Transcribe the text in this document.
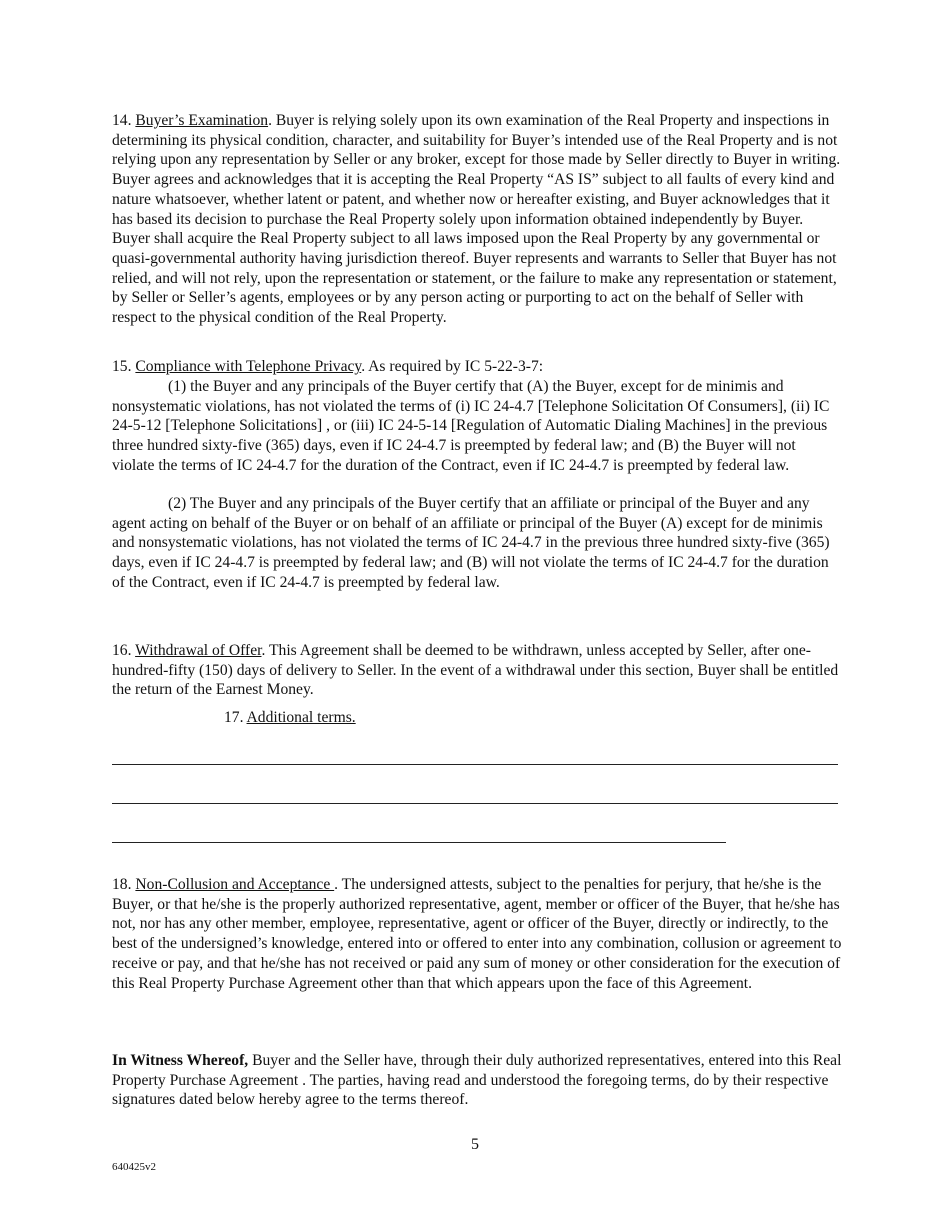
14. Buyer’s Examination. Buyer is relying solely upon its own examination of the Real Property and inspections in determining its physical condition, character, and suitability for Buyer’s intended use of the Real Property and is not relying upon any representation by Seller or any broker, except for those made by Seller directly to Buyer in writing. Buyer agrees and acknowledges that it is accepting the Real Property “AS IS” subject to all faults of every kind and nature whatsoever, whether latent or patent, and whether now or hereafter existing, and Buyer acknowledges that it has based its decision to purchase the Real Property solely upon information obtained independently by Buyer. Buyer shall acquire the Real Property subject to all laws imposed upon the Real Property by any governmental or quasi-governmental authority having jurisdiction thereof. Buyer represents and warrants to Seller that Buyer has not relied, and will not rely, upon the representation or statement, or the failure to make any representation or statement, by Seller or Seller’s agents, employees or by any person acting or purporting to act on the behalf of Seller with respect to the physical condition of the Real Property.

15. Compliance with Telephone Privacy. As required by IC 5-22-3-7:

(1) the Buyer and any principals of the Buyer certify that (A) the Buyer, except for de minimis and nonsystematic violations, has not violated the terms of (i) IC 24-4.7 [Telephone Solicitation Of Consumers], (ii) IC 24-5-12 [Telephone Solicitations] , or (iii) IC 24-5-14 [Regulation of Automatic Dialing Machines] in the previous three hundred sixty-five (365) days, even if IC 24-4.7 is preempted by federal law; and (B) the Buyer will not violate the terms of IC 24-4.7 for the duration of the Contract, even if IC 24-4.7 is preempted by federal law.

(2) The Buyer and any principals of the Buyer certify that an affiliate or principal of the Buyer and any agent acting on behalf of the Buyer or on behalf of an affiliate or principal of the Buyer (A) except for de minimis and nonsystematic violations, has not violated the terms of IC 24-4.7 in the previous three hundred sixty-five (365) days, even if IC 24-4.7 is preempted by federal law; and (B) will not violate the terms of IC 24-4.7 for the duration of the Contract, even if IC 24-4.7 is preempted by federal law.

16. Withdrawal of Offer. This Agreement shall be deemed to be withdrawn, unless accepted by Seller, after one-hundred-fifty (150) days of delivery to Seller. In the event of a withdrawal under this section, Buyer shall be entitled the return of the Earnest Money.

17. Additional terms.

18. Non-Collusion and Acceptance . The undersigned attests, subject to the penalties for perjury, that he/she is the Buyer, or that he/she is the properly authorized representative, agent, member or officer of the Buyer, that he/she has not, nor has any other member, employee, representative, agent or officer of the Buyer, directly or indirectly, to the best of the undersigned’s knowledge, entered into or offered to enter into any combination, collusion or agreement to receive or pay, and that he/she has not received or paid any sum of money or other consideration for the execution of this Real Property Purchase Agreement other than that which appears upon the face of this Agreement.

In Witness Whereof, Buyer and the Seller have, through their duly authorized representatives, entered into this Real Property Purchase Agreement . The parties, having read and understood the foregoing terms, do by their respective signatures dated below hereby agree to the terms thereof.

5
640425v2
